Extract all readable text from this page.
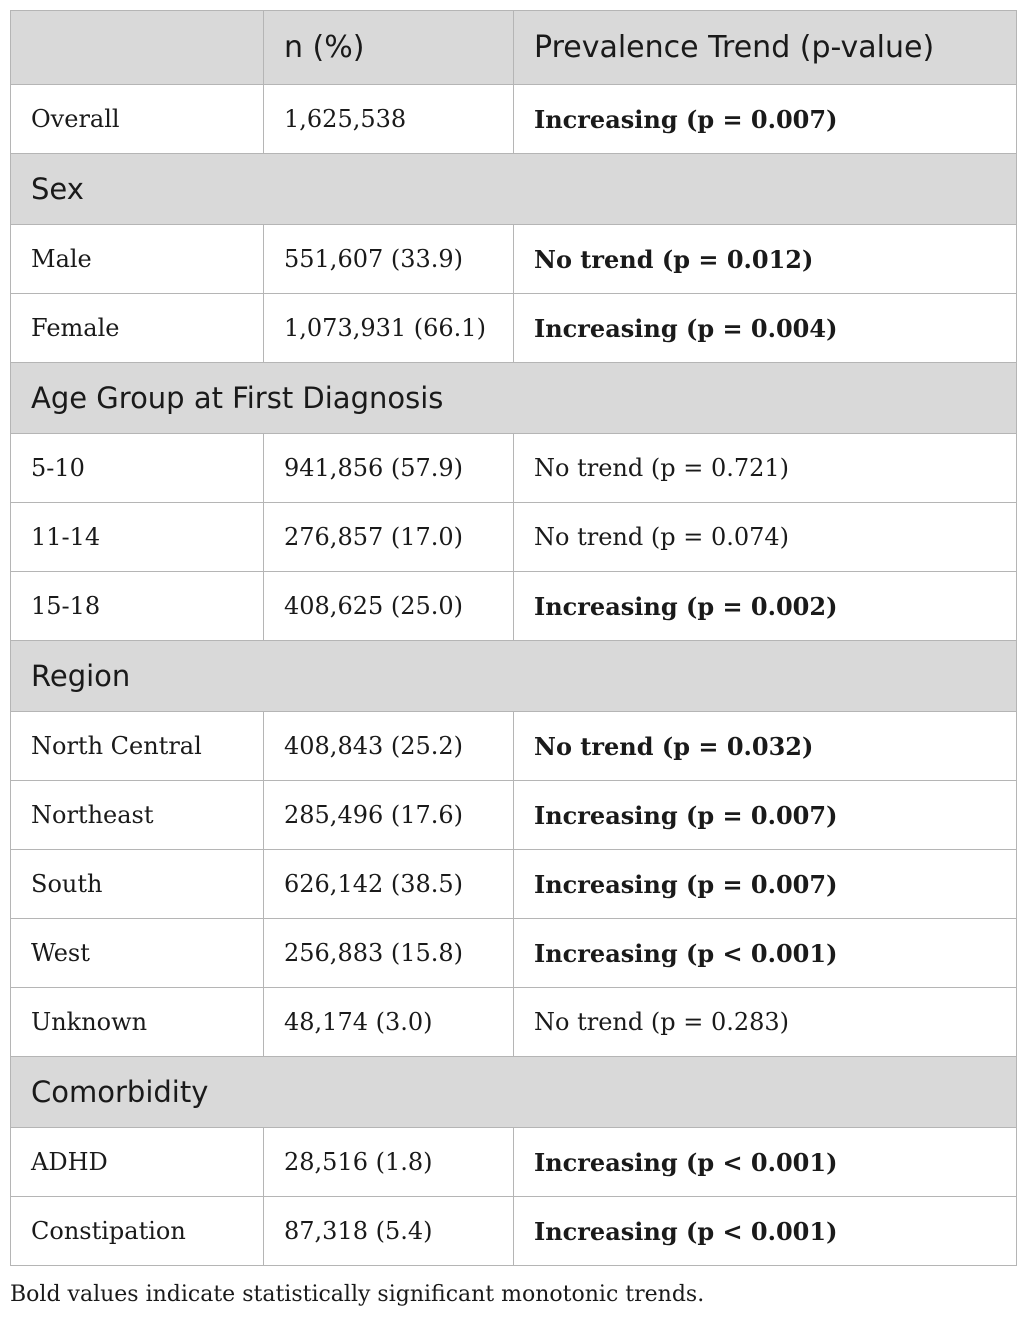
	n (%)	Prevalence Trend (p-value)
Overall	1,625,538	Increasing (p = 0.007)
Sex		
Male	551,607 (33.9)	No trend (p = 0.012)
Female	1,073,931 (66.1)	Increasing (p = 0.004)
Age Group at First Diagnosis		
5-10	941,856 (57.9)	No trend (p = 0.721)
11-14	276,857 (17.0)	No trend (p = 0.074)
15-18	408,625 (25.0)	Increasing (p = 0.002)
Region		
North Central	408,843 (25.2)	No trend (p = 0.032)
Northeast	285,496 (17.6)	Increasing (p = 0.007)
South	626,142 (38.5)	Increasing (p = 0.007)
West	256,883 (15.8)	Increasing (p < 0.001)
Unknown	48,174 (3.0)	No trend (p = 0.283)
Comorbidity		
ADHD	28,516 (1.8)	Increasing (p < 0.001)
Constipation	87,318 (5.4)	Increasing (p < 0.001)
Bold values indicate statistically significant monotonic trends.
